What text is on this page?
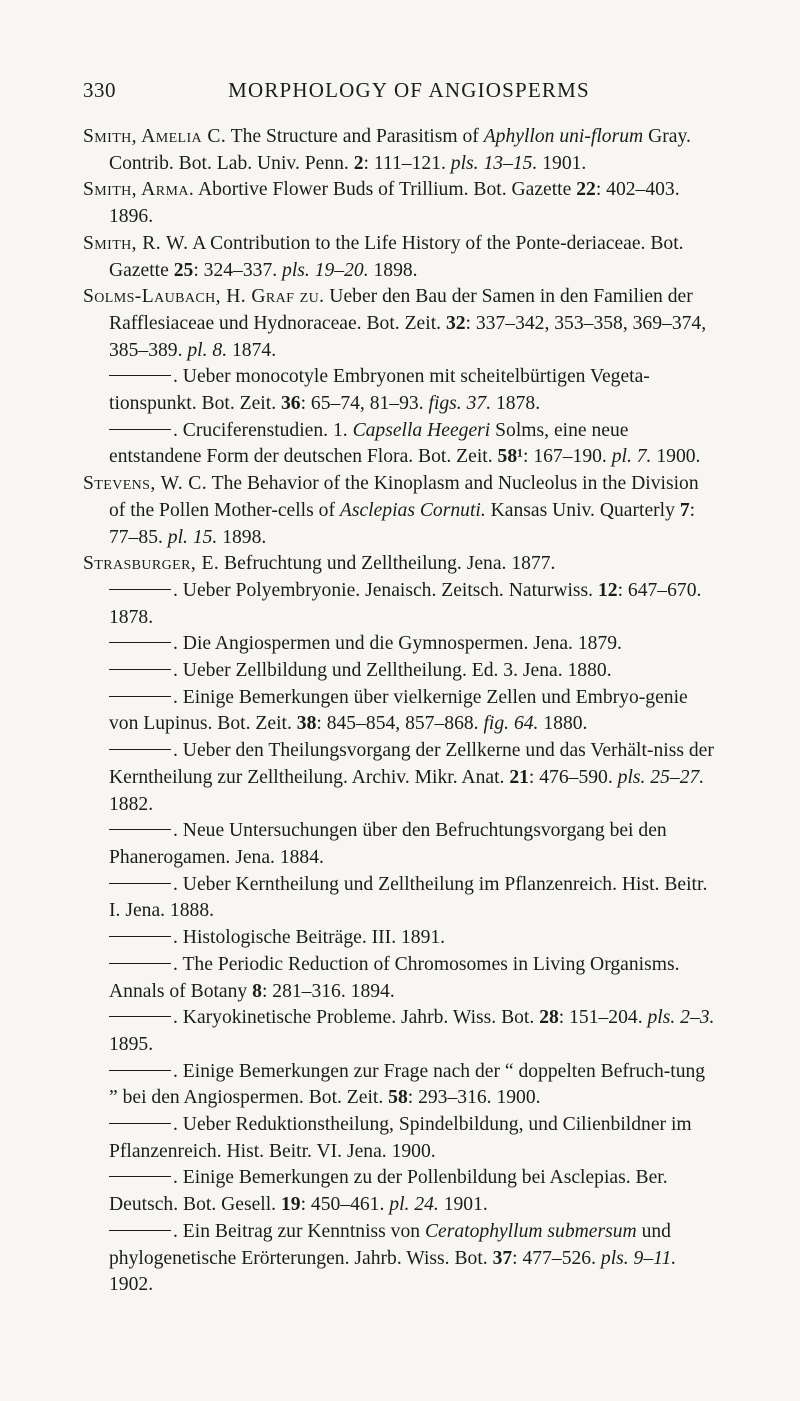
330	MORPHOLOGY OF ANGIOSPERMS
Smith, Amelia C. The Structure and Parasitism of Aphyllon uni-florum Gray. Contrib. Bot. Lab. Univ. Penn. 2: 111–121. pls. 13–15. 1901.
Smith, Arma. Abortive Flower Buds of Trillium. Bot. Gazette 22: 402–403. 1896.
Smith, R. W. A Contribution to the Life History of the Ponte-deriaceae. Bot. Gazette 25: 324–337. pls. 19–20. 1898.
Solms-Laubach, H. Graf zu. Ueber den Bau der Samen in den Familien der Rafflesiaceae und Hydnoraceae. Bot. Zeit. 32: 337–342, 353–358, 369–374, 385–389. pl. 8. 1874.
. Ueber monocotyle Embryonen mit scheitelbürtigen Vegeta-tionspunkt. Bot. Zeit. 36: 65–74, 81–93. figs. 37. 1878.
. Cruciferenstudien. 1. Capsella Heegeri Solms, eine neue entstandene Form der deutschen Flora. Bot. Zeit. 58¹: 167–190. pl. 7. 1900.
Stevens, W. C. The Behavior of the Kinoplasm and Nucleolus in the Division of the Pollen Mother-cells of Asclepias Cornuti. Kansas Univ. Quarterly 7: 77–85. pl. 15. 1898.
Strasburger, E. Befruchtung und Zelltheilung. Jena. 1877.
. Ueber Polyembryonie. Jenaisch. Zeitsch. Naturwiss. 12: 647–670. 1878.
. Die Angiospermen und die Gymnospermen. Jena. 1879.
. Ueber Zellbildung und Zelltheilung. Ed. 3. Jena. 1880.
. Einige Bemerkungen über vielkernige Zellen und Embryo-genie von Lupinus. Bot. Zeit. 38: 845–854, 857–868. fig. 64. 1880.
. Ueber den Theilungsvorgang der Zellkerne und das Verhält-niss der Kerntheilung zur Zelltheilung. Archiv. Mikr. Anat. 21: 476–590. pls. 25–27. 1882.
. Neue Untersuchungen über den Befruchtungsvorgang bei den Phanerogamen. Jena. 1884.
. Ueber Kerntheilung und Zelltheilung im Pflanzenreich. Hist. Beitr. I. Jena. 1888.
. Histologische Beiträge. III. 1891.
. The Periodic Reduction of Chromosomes in Living Organisms. Annals of Botany 8: 281–316. 1894.
. Karyokinetische Probleme. Jahrb. Wiss. Bot. 28: 151–204. pls. 2–3. 1895.
. Einige Bemerkungen zur Frage nach der “ doppelten Befruch-tung ” bei den Angiospermen. Bot. Zeit. 58: 293–316. 1900.
. Ueber Reduktionstheilung, Spindelbildung, und Cilienbildner im Pflanzenreich. Hist. Beitr. VI. Jena. 1900.
. Einige Bemerkungen zu der Pollenbildung bei Asclepias. Ber. Deutsch. Bot. Gesell. 19: 450–461. pl. 24. 1901.
. Ein Beitrag zur Kenntniss von Ceratophyllum submersum und phylogenetische Erörterungen. Jahrb. Wiss. Bot. 37: 477–526. pls. 9–11. 1902.
